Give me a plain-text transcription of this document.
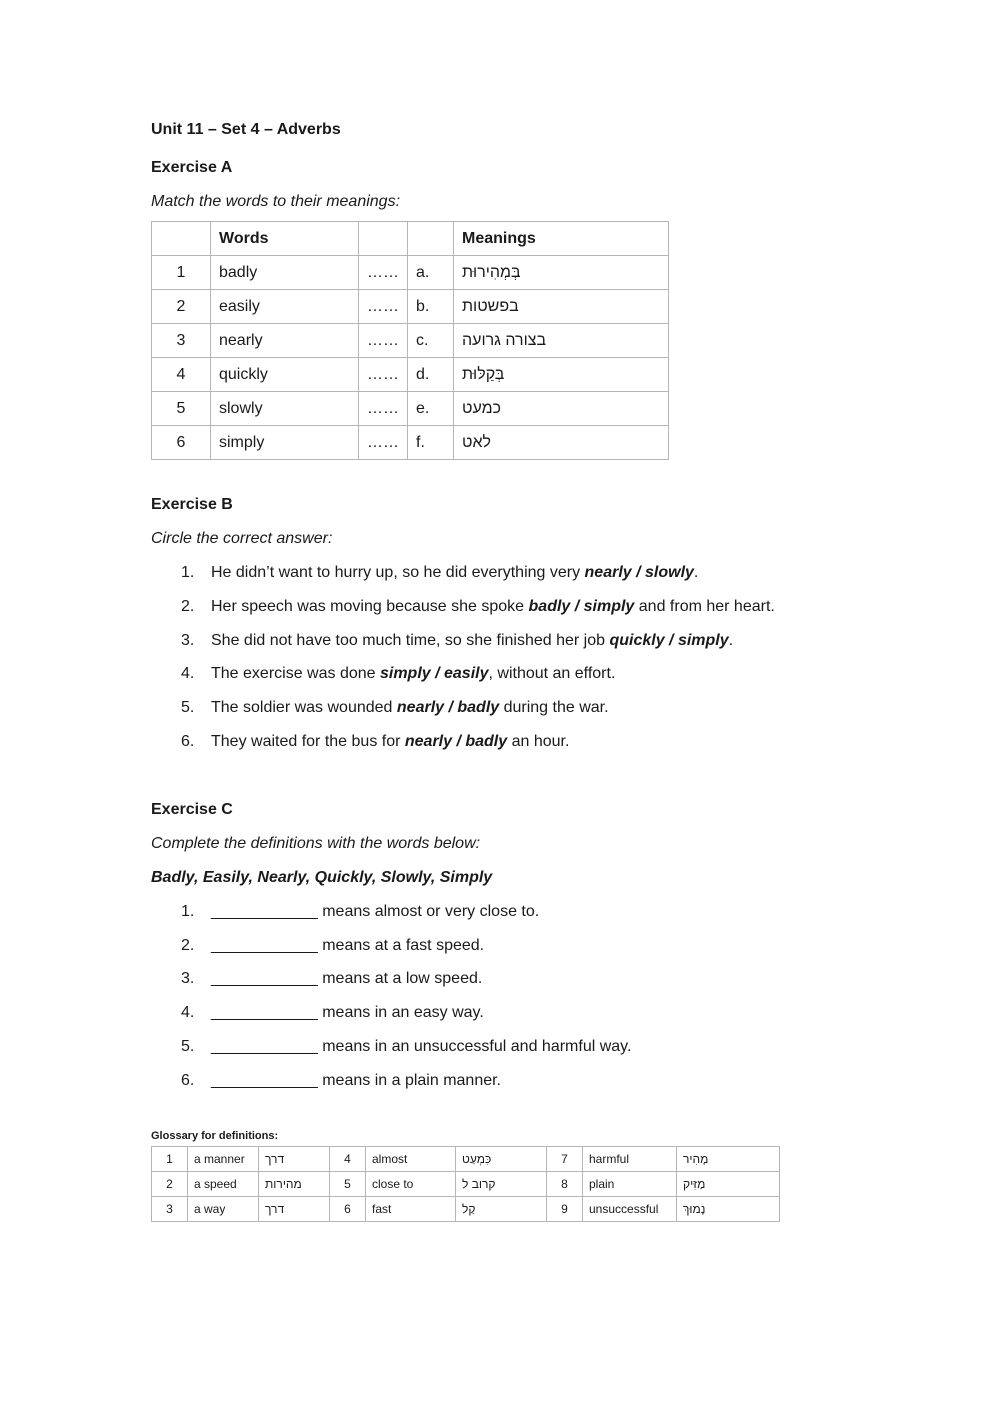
Unit 11 – Set 4 – Adverbs

Exercise A

Match the words to their meanings:

	Words			Meanings
1	badly	……	a.	בְּמְהִירוּת
2	easily	……	b.	בפשטות
3	nearly	……	c.	בצורה גרועה
4	quickly	……	d.	בְּקַלּוּת
5	slowly	……	e.	כמעט
6	simply	……	f.	לאט

Exercise B

Circle the correct answer:

1.	He didn’t want to hurry up, so he did everything very nearly / slowly.
2.	Her speech was moving because she spoke badly / simply and from her heart.
3.	She did not have too much time, so she finished her job quickly / simply.
4.	The exercise was done simply / easily, without an effort.
5.	The soldier was wounded nearly / badly during the war.
6.	They waited for the bus for nearly / badly an hour.

Exercise C

Complete the definitions with the words below:

Badly, Easily, Nearly, Quickly, Slowly, Simply

1.	____________ means almost or very close to.
2.	____________ means at a fast speed.
3.	____________ means at a low speed.
4.	____________ means in an easy way.
5.	____________ means in an unsuccessful and harmful way.
6.	____________ means in a plain manner.

Glossary for definitions:

1	a manner	דרך	4	almost	כִּמְעַט	7	harmful	מָהִיר
2	a speed	מהירות	5	close to	קרוב ל	8	plain	מַזִּיק
3	a way	דרך	6	fast	קַל	9	unsuccessful	נָמוּךְ
